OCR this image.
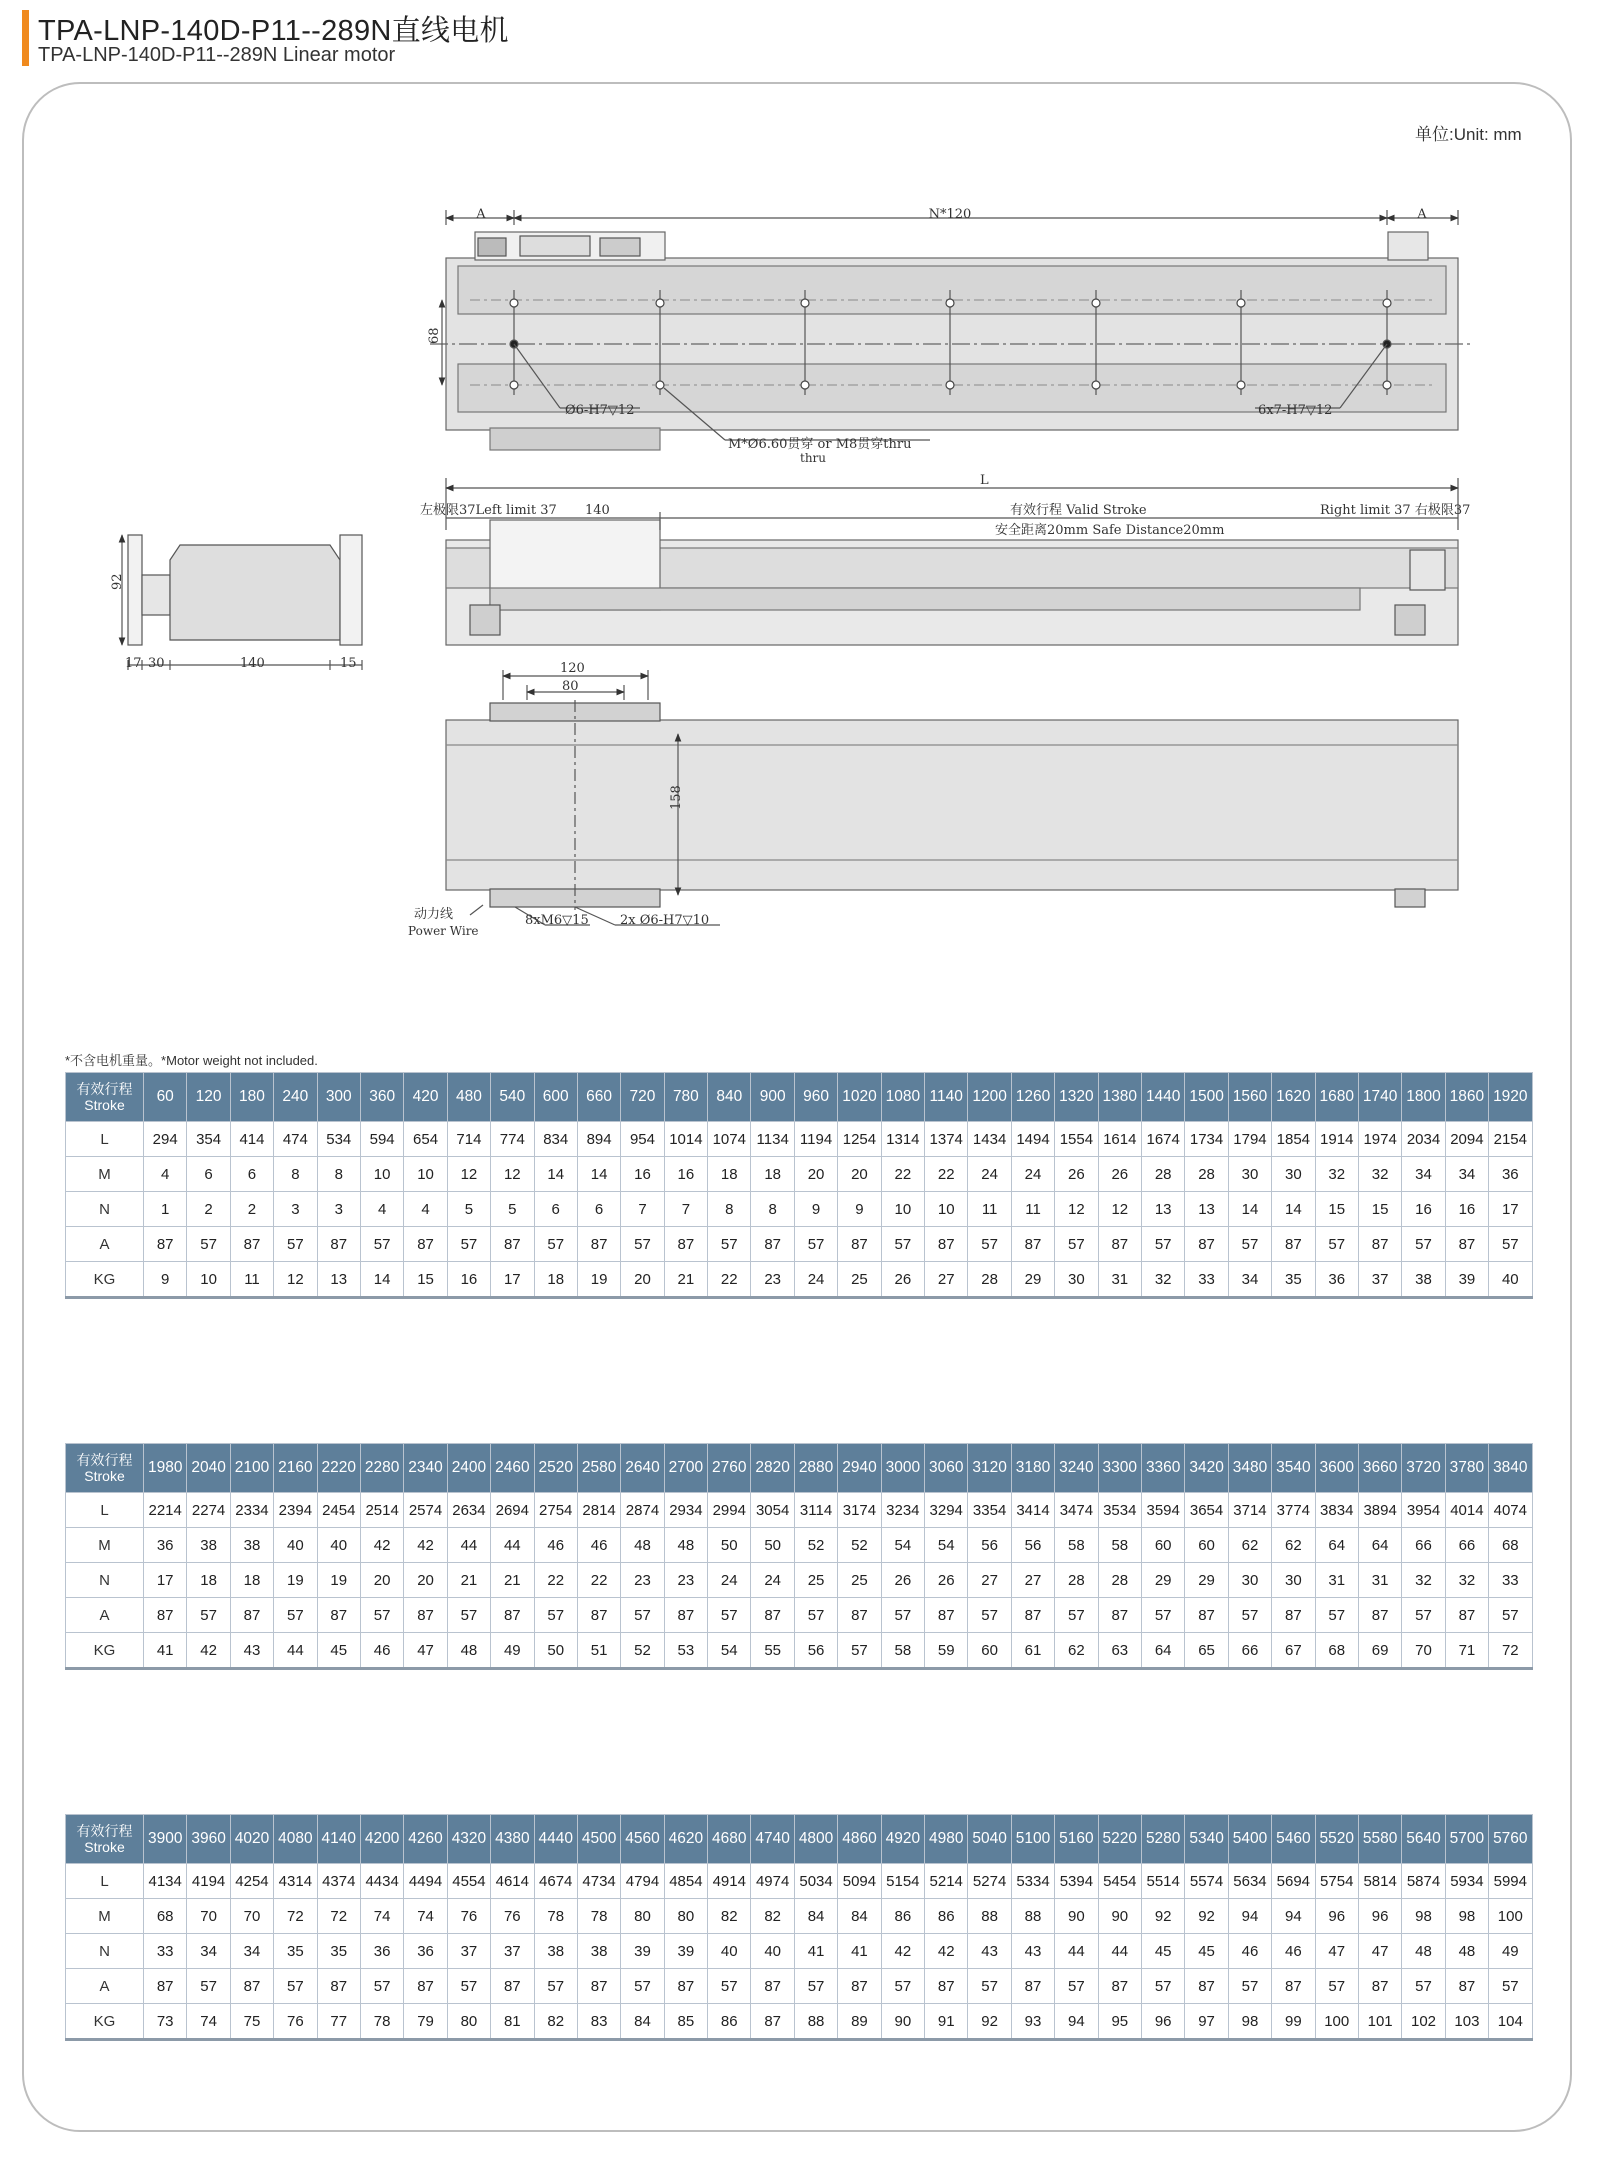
TPA-LNP-140D-P11--289N直线电机
TPA-LNP-140D-P11--289N Linear motor
单位:Unit: mm
A	N*120	A
68
Ø6-H7▽12	6x7-H7▽12
M*Ø6.60贯穿 or M8贯穿thru
thru
92
17 30	140	15
L
左极限37Left limit 37 140	有效行程 Valid Stroke
安全距离20mm Safe Distance20mm
Right limit 37 右极限37
120
80
158
动力线
Power Wire
8xM6▽15 2x Ø6-H7▽10
*不含电机重量。*Motor weight not included.
有效行程
Stroke	60	120	180	240	300	360	420	480	540	600	660	720	780	840	900	960	1020	1080	1140	1200	1260	1320	1380	1440	1500	1560	1620	1680	1740	1800	1860	1920
L	294	354	414	474	534	594	654	714	774	834	894	954	1014	1074	1134	1194	1254	1314	1374	1434	1494	1554	1614	1674	1734	1794	1854	1914	1974	2034	2094	2154
M	4	6	6	8	8	10	10	12	12	14	14	16	16	18	18	20	20	22	22	24	24	26	26	28	28	30	30	32	32	34	34	36
N	1	2	2	3	3	4	4	5	5	6	6	7	7	8	8	9	9	10	10	11	11	12	12	13	13	14	14	15	15	16	16	17
A	87	57	87	57	87	57	87	57	87	57	87	57	87	57	87	57	87	57	87	57	87	57	87	57	87	57	87	57	87	57	87	57
KG	9	10	11	12	13	14	15	16	17	18	19	20	21	22	23	24	25	26	27	28	29	30	31	32	33	34	35	36	37	38	39	40
有效行程
Stroke	1980	2040	2100	2160	2220	2280	2340	2400	2460	2520	2580	2640	2700	2760	2820	2880	2940	3000	3060	3120	3180	3240	3300	3360	3420	3480	3540	3600	3660	3720	3780	3840
L	2214	2274	2334	2394	2454	2514	2574	2634	2694	2754	2814	2874	2934	2994	3054	3114	3174	3234	3294	3354	3414	3474	3534	3594	3654	3714	3774	3834	3894	3954	4014	4074
M	36	38	38	40	40	42	42	44	44	46	46	48	48	50	50	52	52	54	54	56	56	58	58	60	60	62	62	64	64	66	66	68
N	17	18	18	19	19	20	20	21	21	22	22	23	23	24	24	25	25	26	26	27	27	28	28	29	29	30	30	31	31	32	32	33
A	87	57	87	57	87	57	87	57	87	57	87	57	87	57	87	57	87	57	87	57	87	57	87	57	87	57	87	57	87	57	87	57
KG	41	42	43	44	45	46	47	48	49	50	51	52	53	54	55	56	57	58	59	60	61	62	63	64	65	66	67	68	69	70	71	72
有效行程
Stroke	3900	3960	4020	4080	4140	4200	4260	4320	4380	4440	4500	4560	4620	4680	4740	4800	4860	4920	4980	5040	5100	5160	5220	5280	5340	5400	5460	5520	5580	5640	5700	5760
L	4134	4194	4254	4314	4374	4434	4494	4554	4614	4674	4734	4794	4854	4914	4974	5034	5094	5154	5214	5274	5334	5394	5454	5514	5574	5634	5694	5754	5814	5874	5934	5994
M	68	70	70	72	72	74	74	76	76	78	78	80	80	82	82	84	84	86	86	88	88	90	90	92	92	94	94	96	96	98	98	100
N	33	34	34	35	35	36	36	37	37	38	38	39	39	40	40	41	41	42	42	43	43	44	44	45	45	46	46	47	47	48	48	49
A	87	57	87	57	87	57	87	57	87	57	87	57	87	57	87	57	87	57	87	57	87	57	87	57	87	57	87	57	87	57	87	57
KG	73	74	75	76	77	78	79	80	81	82	83	84	85	86	87	88	89	90	91	92	93	94	95	96	97	98	99	100	101	102	103	104
